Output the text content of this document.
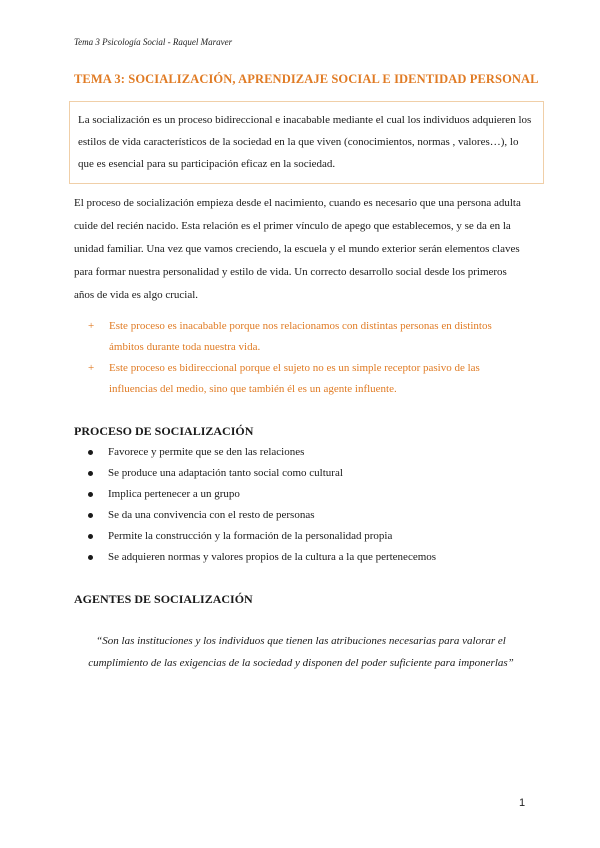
Tema 3 Psicología Social - Raquel Maraver
TEMA 3: SOCIALIZACIÓN, APRENDIZAJE SOCIAL E IDENTIDAD PERSONAL
La socialización es un proceso bidireccional e inacabable mediante el cual los individuos adquieren los estilos de vida característicos de la sociedad en la que viven (conocimientos, normas , valores…), lo que es esencial para su participación eficaz en la sociedad.
El proceso de socialización empieza desde el nacimiento, cuando es necesario que una persona adulta cuide del recién nacido. Esta relación es el primer vínculo de apego que establecemos, y se da en la unidad familiar. Una vez que vamos creciendo, la escuela y el mundo exterior serán elementos claves para formar nuestra personalidad y estilo de vida. Un correcto desarrollo social desde los primeros años de vida es algo crucial.
+ Este proceso es inacabable porque nos relacionamos con distintas personas en distintos ámbitos durante toda nuestra vida.
+ Este proceso es bidireccional porque el sujeto no es un simple receptor pasivo de las influencias del medio, sino que también él es un agente influente.
PROCESO DE SOCIALIZACIÓN
Favorece y permite que se den las relaciones
Se produce una adaptación tanto social como cultural
Implica pertenecer a un grupo
Se da una convivencia con el resto de personas
Permite la construcción y la formación de la personalidad propia
Se adquieren normas y valores propios de la cultura a la que pertenecemos
AGENTES DE SOCIALIZACIÓN
“Son las instituciones y los individuos que tienen las atribuciones necesarias para valorar el cumplimiento de las exigencias de la sociedad y disponen del poder suficiente para imponerlas”
1
